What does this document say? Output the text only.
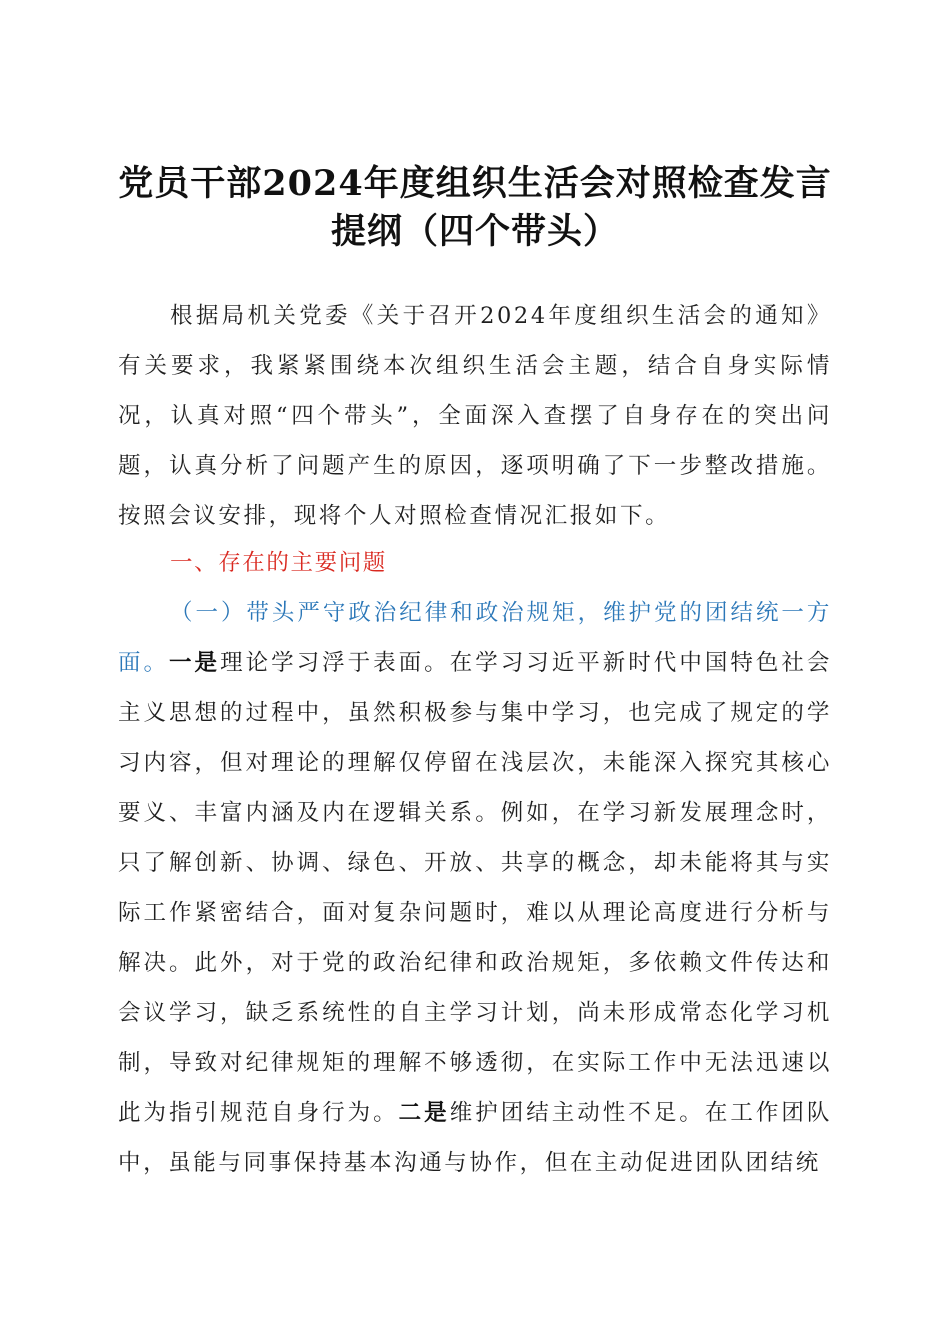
党员干部2024年度组织生活会对照检查发言提纲（四个带头）

根据局机关党委《关于召开2024年度组织生活会的通知》有关要求，我紧紧围绕本次组织生活会主题，结合自身实际情况，认真对照“四个带头”，全面深入查摆了自身存在的突出问题，认真分析了问题产生的原因，逐项明确了下一步整改措施。按照会议安排，现将个人对照检查情况汇报如下。

一、存在的主要问题

（一）带头严守政治纪律和政治规矩，维护党的团结统一方面。一是理论学习浮于表面。在学习习近平新时代中国特色社会主义思想的过程中，虽然积极参与集中学习，也完成了规定的学习内容，但对理论的理解仅停留在浅层次，未能深入探究其核心要义、丰富内涵及内在逻辑关系。例如，在学习新发展理念时，只了解创新、协调、绿色、开放、共享的概念，却未能将其与实际工作紧密结合，面对复杂问题时，难以从理论高度进行分析与解决。此外，对于党的政治纪律和政治规矩，多依赖文件传达和会议学习，缺乏系统性的自主学习计划，尚未形成常态化学习机制，导致对纪律规矩的理解不够透彻，在实际工作中无法迅速以此为指引规范自身行为。二是维护团结主动性不足。在工作团队中，虽能与同事保持基本沟通与协作，但在主动促进团队团结统
